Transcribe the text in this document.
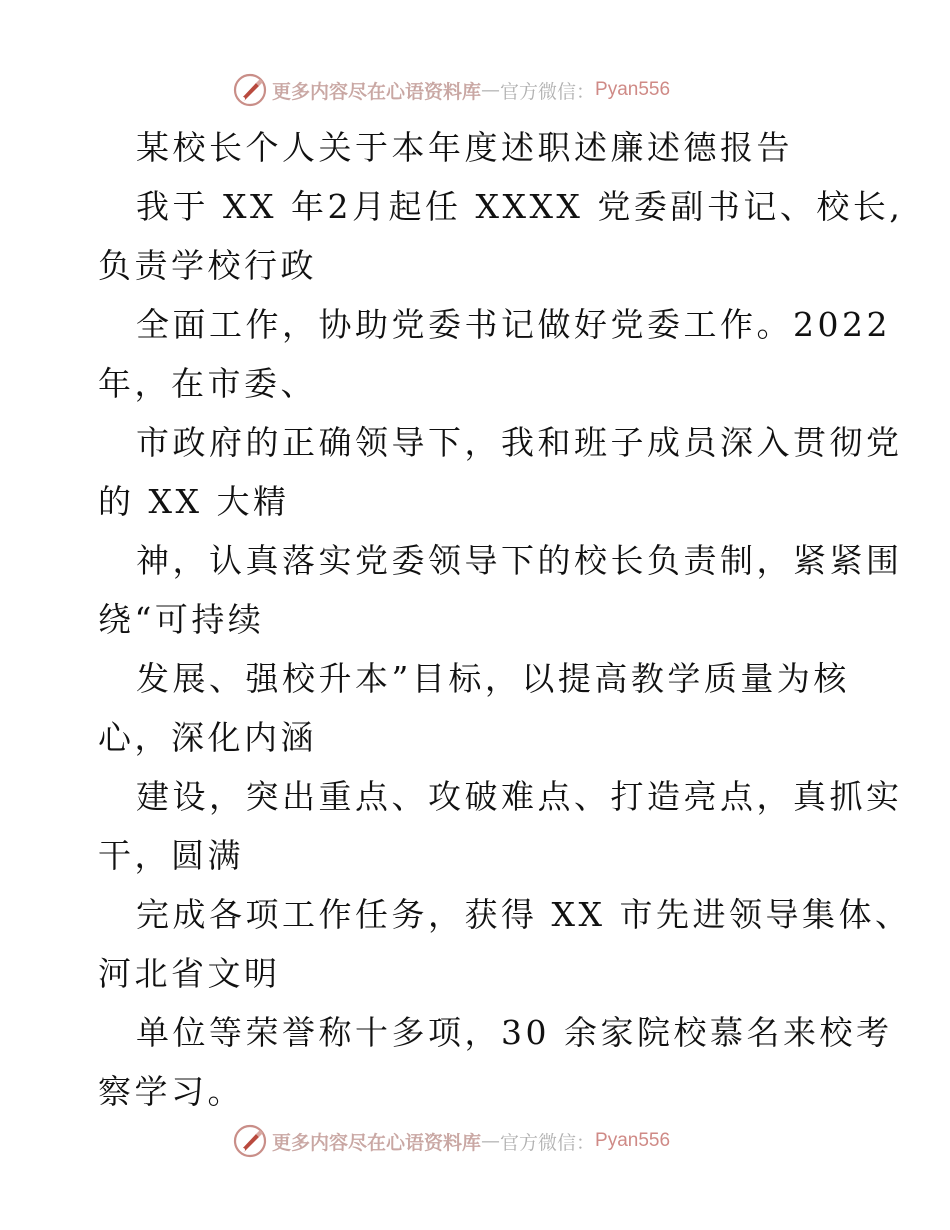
更多内容尽在心语资料库 — 官方微信： Pyan556
某校长个人关于本年度述职述廉述德报告
我于 XX 年2月起任 XXXX 党委副书记、校长,
负责学校行政
全面工作，协助党委书记做好党委工作。2022
年，在市委、
市政府的正确领导下，我和班子成员深入贯彻党
的 XX 大精
神，认真落实党委领导下的校长负责制，紧紧围
绕“可持续
发展、强校升本”目标，以提高教学质量为核
心，深化内涵
建设，突出重点、攻破难点、打造亮点，真抓实
干，圆满
完成各项工作任务，获得 XX 市先进领导集体、
河北省文明
单位等荣誉称十多项，30 余家院校慕名来校考
察学习。
更多内容尽在心语资料库 — 官方微信： Pyan556
